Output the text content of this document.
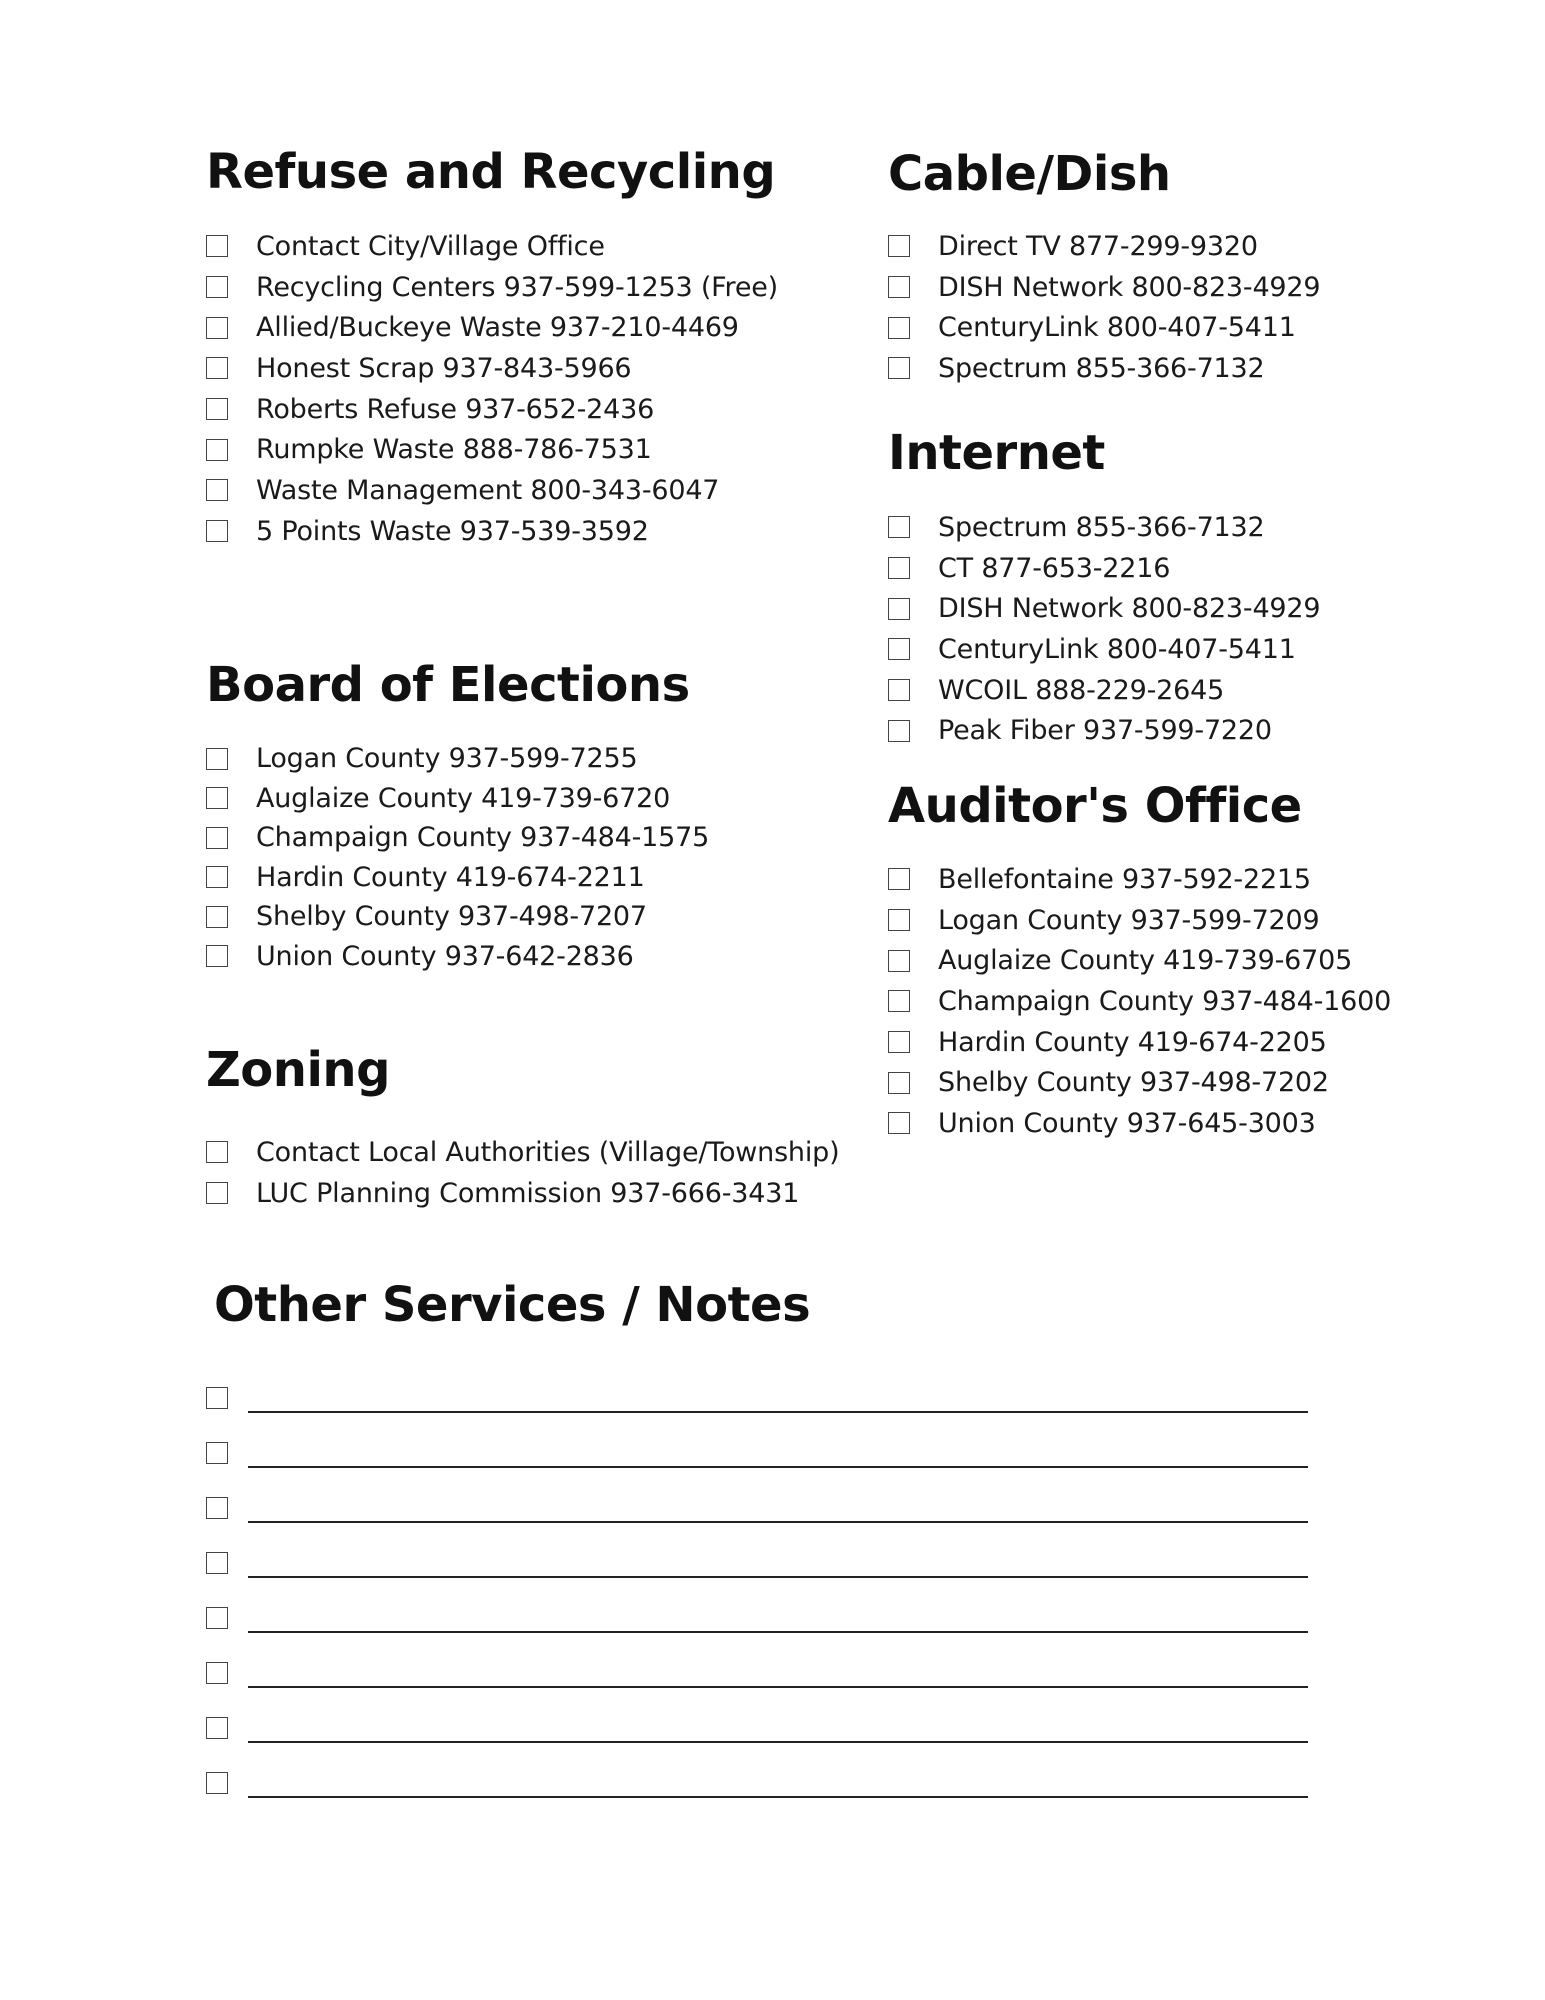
Refuse and Recycling
Contact City/Village Office
Recycling Centers 937-599-1253 (Free)
Allied/Buckeye Waste 937-210-4469
Honest Scrap 937-843-5966
Roberts Refuse 937-652-2436
Rumpke Waste 888-786-7531
Waste Management 800-343-6047
5 Points Waste 937-539-3592
Board of Elections
Logan County 937-599-7255
Auglaize County 419-739-6720
Champaign County 937-484-1575
Hardin County 419-674-2211
Shelby County 937-498-7207
Union County 937-642-2836
Zoning
Contact Local Authorities (Village/Township)
LUC Planning Commission 937-666-3431
Cable/Dish
Direct TV 877-299-9320
DISH Network 800-823-4929
CenturyLink 800-407-5411
Spectrum 855-366-7132
Internet
Spectrum 855-366-7132
CT 877-653-2216
DISH Network 800-823-4929
CenturyLink 800-407-5411
WCOIL 888-229-2645
Peak Fiber 937-599-7220
Auditor's Office
Bellefontaine 937-592-2215
Logan County 937-599-7209
Auglaize County 419-739-6705
Champaign County 937-484-1600
Hardin County 419-674-2205
Shelby County 937-498-7202
Union County 937-645-3003
Other Services / Notes
